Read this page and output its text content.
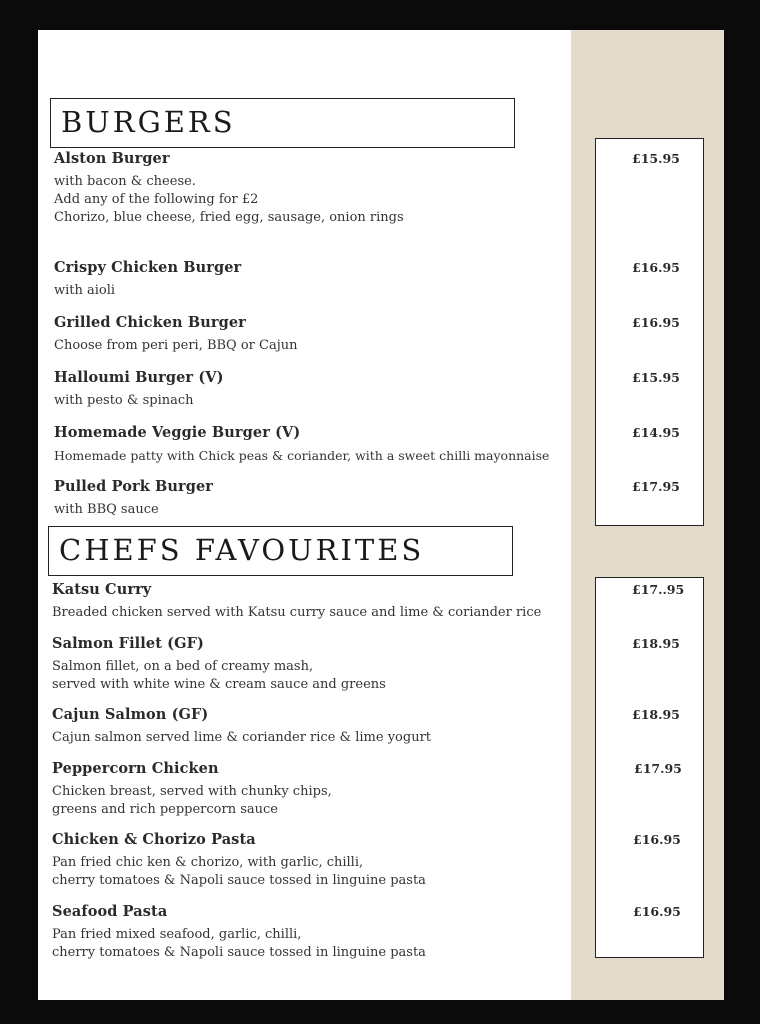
BURGERS

Alston Burger

with bacon & cheese.
Add any of the following for £2
Chorizo, blue cheese, fried egg, sausage, onion rings

£15.95

Crispy Chicken Burger

with aioli

£16.95

Grilled Chicken Burger

Choose from peri peri, BBQ or Cajun

£16.95

Halloumi Burger (V)

with pesto & spinach

£15.95

Homemade Veggie Burger (V)

Homemade patty with Chick peas & coriander, with a sweet chilli mayonnaise

£14.95

Pulled Pork Burger

with BBQ sauce

£17.95
CHEFS FAVOURITES

Katsu Curry

Breaded chicken served with Katsu curry sauce and lime & coriander rice

£17..95

Salmon Fillet (GF)

Salmon fillet, on a bed of creamy mash,
served with white wine & cream sauce and greens

£18.95

Cajun Salmon (GF)

Cajun salmon served lime & coriander rice & lime yogurt

£18.95

Peppercorn Chicken

Chicken breast, served with chunky chips,
greens and rich peppercorn sauce

£17.95

Chicken & Chorizo Pasta

Pan fried chic ken & chorizo, with garlic, chilli,
cherry tomatoes & Napoli sauce tossed in linguine pasta

£16.95

Seafood Pasta

Pan fried mixed seafood, garlic, chilli,
cherry tomatoes & Napoli sauce tossed in linguine pasta

£16.95
